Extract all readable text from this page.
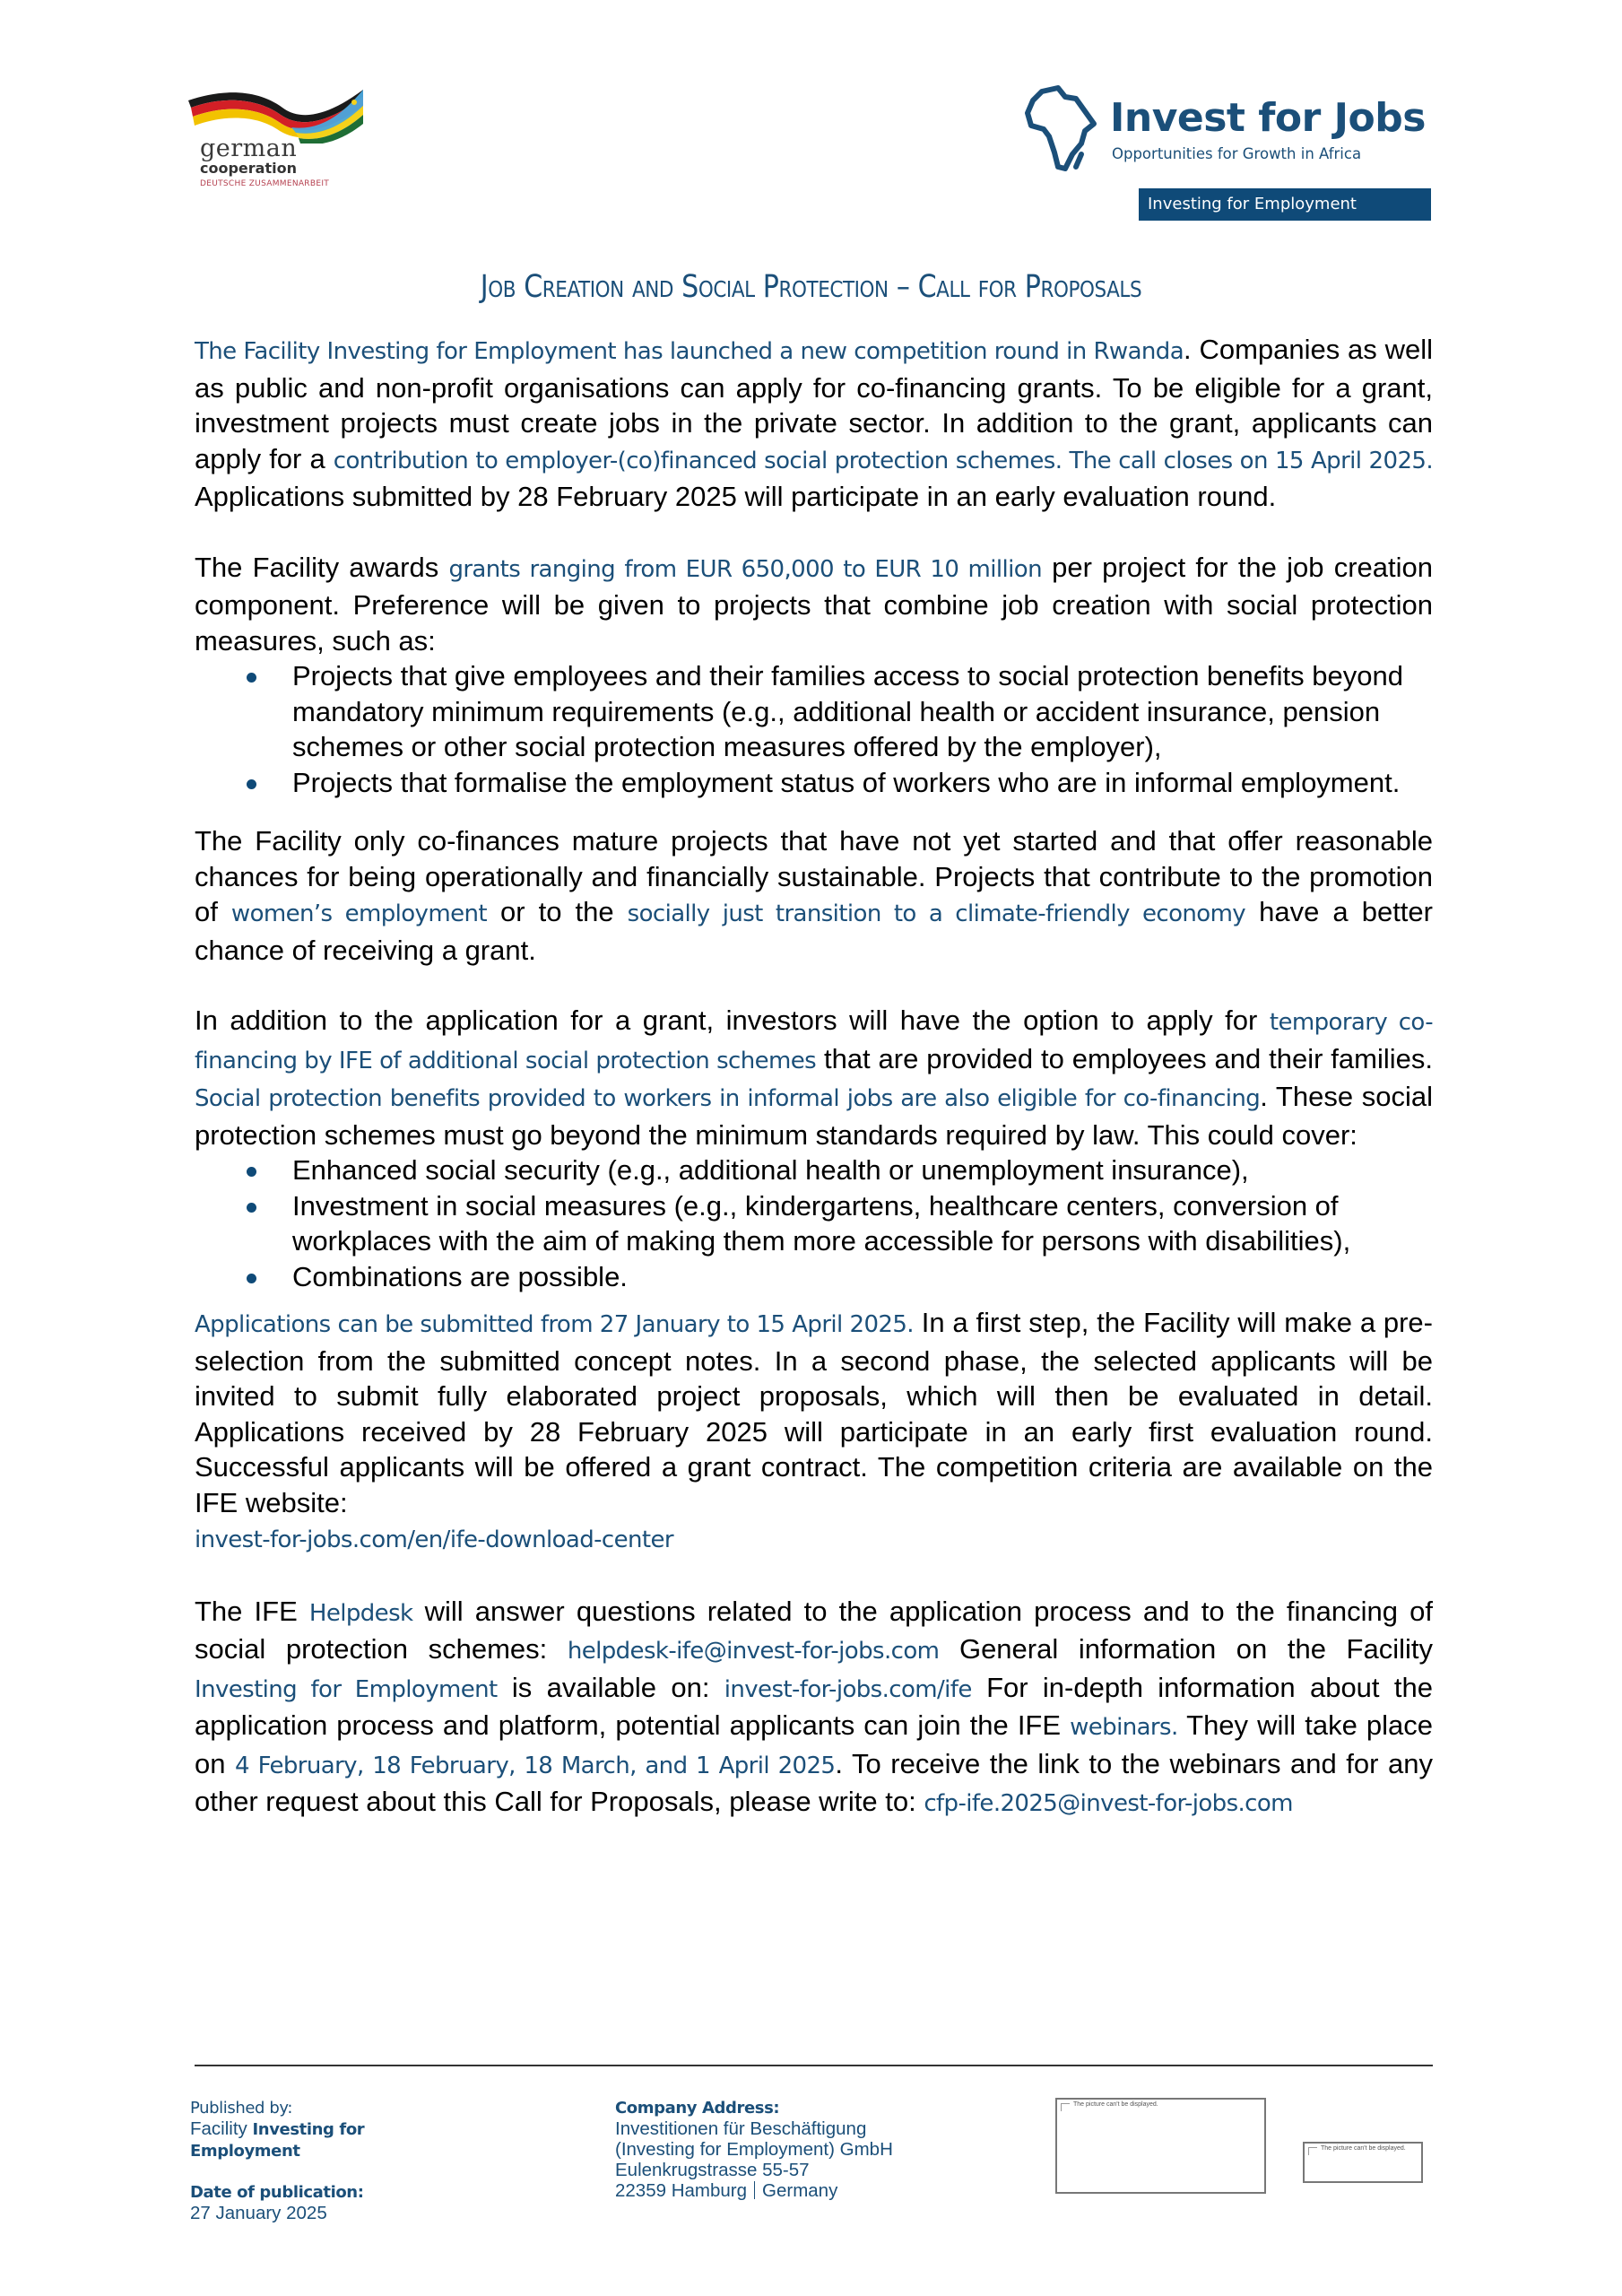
german
cooperation
DEUTSCHE ZUSAMMENARBEIT
Invest for Jobs
Opportunities for Growth in Africa
Investing for Employment
Job Creation and Social Protection – Call for Proposals

The Facility Investing for Employment has launched a new competition round in Rwanda. Companies as well as public and non-profit organisations can apply for co-financing grants. To be eligible for a grant, investment projects must create jobs in the private sector. In addition to the grant, applicants can apply for a contribution to employer-(co)financed social protection schemes. The call closes on 15 April 2025. Applications submitted by 28 February 2025 will participate in an early evaluation round.

The Facility awards grants ranging from EUR 650,000 to EUR 10 million per project for the job creation component. Preference will be given to projects that combine job creation with social protection measures, such as:

Projects that give employees and their families access to social protection benefits beyond mandatory minimum requirements (e.g., additional health or accident insurance, pension schemes or other social protection measures offered by the employer),
Projects that formalise the employment status of workers who are in informal employment.

The Facility only co-finances mature projects that have not yet started and that offer reasonable chances for being operationally and financially sustainable. Projects that contribute to the promotion of women’s employment or to the socially just transition to a climate-friendly economy have a better chance of receiving a grant.

In addition to the application for a grant, investors will have the option to apply for temporary co-financing by IFE of additional social protection schemes that are provided to employees and their families. Social protection benefits provided to workers in informal jobs are also eligible for co-financing. These social protection schemes must go beyond the minimum standards required by law. This could cover:

Enhanced social security (e.g., additional health or unemployment insurance),
Investment in social measures (e.g., kindergartens, healthcare centers, conversion of workplaces with the aim of making them more accessible for persons with disabilities),
Combinations are possible.

Applications can be submitted from 27 January to 15 April 2025. In a first step, the Facility will make a pre-selection from the submitted concept notes. In a second phase, the selected applicants will be invited to submit fully elaborated project proposals, which will then be evaluated in detail. Applications received by 28 February 2025 will participate in an early first evaluation round. Successful applicants will be offered a grant contract. The competition criteria are available on the IFE website:
invest-for-jobs.com/en/ife-download-center

The IFE Helpdesk will answer questions related to the application process and to the financing of social protection schemes: helpdesk-ife@invest-for-jobs.com General information on the Facility Investing for Employment is available on: invest-for-jobs.com/ife For in-depth information about the application process and platform, potential applicants can join the IFE webinars. They will take place on 4 February, 18 February, 18 March, and 1 April 2025. To receive the link to the webinars and for any other request about this Call for Proposals, please write to: cfp-ife.2025@invest-for-jobs.com

Published by:
Facility Investing for Employment
Date of publication:
27 January 2025
Company Address:
Investitionen für Beschäftigung
(Investing for Employment) GmbH
Eulenkrugstrasse 55-57
22359 Hamburg Germany
The picture can't be displayed.
The picture can't be displayed.
